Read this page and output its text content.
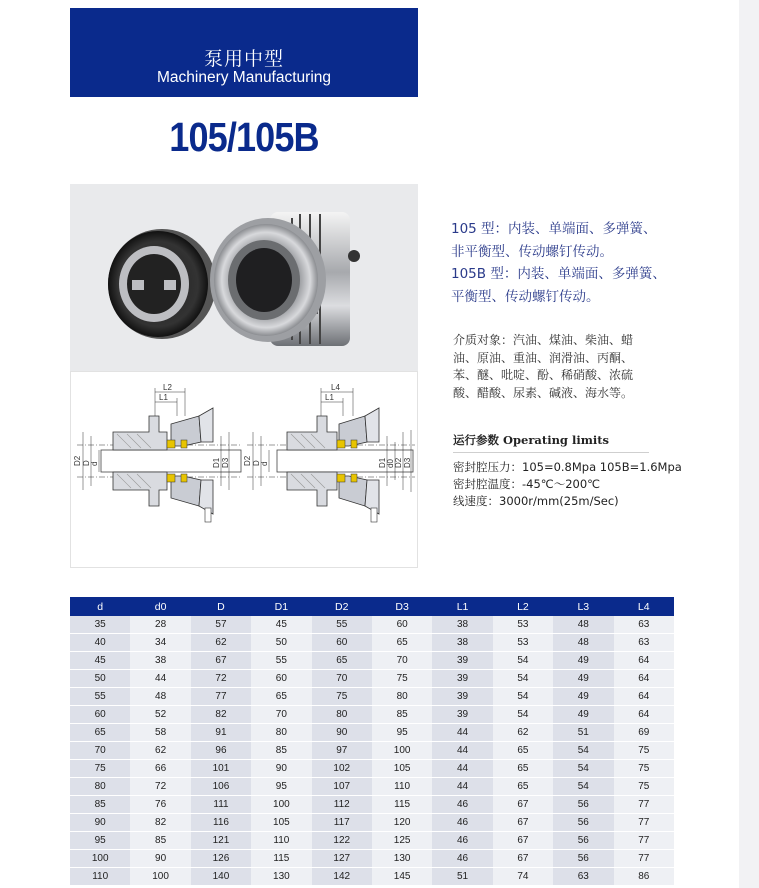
泵用中型
Machinery Manufacturing
105/105B
L2
L1
D2 D d	D1 D3
L4
L1
D2 D d	D1 d0 D2 D3
105 型：内装、单端面、多弹簧、
非平衡型、传动螺钉传动。
105B 型：内装、单端面、多弹簧、
平衡型、传动螺钉传动。
介质对象：汽油、煤油、柴油、蜡
油、原油、重油、润滑油、丙酮、
苯、醚、吡啶、酚、稀硝酸、浓硫
酸、醋酸、尿素、碱液、海水等。
运行参数 Operating limits
密封腔压力：105=0.8Mpa 105B=1.6Mpa
密封腔温度：-45℃～200℃
线速度：3000r/mm(25m/Sec)
d	d0	D	D1	D2	D3	L1	L2	L3	L4
35	28	57	45	55	60	38	53	48	63
40	34	62	50	60	65	38	53	48	63
45	38	67	55	65	70	39	54	49	64
50	44	72	60	70	75	39	54	49	64
55	48	77	65	75	80	39	54	49	64
60	52	82	70	80	85	39	54	49	64
65	58	91	80	90	95	44	62	51	69
70	62	96	85	97	100	44	65	54	75
75	66	101	90	102	105	44	65	54	75
80	72	106	95	107	110	44	65	54	75
85	76	111	100	112	115	46	67	56	77
90	82	116	105	117	120	46	67	56	77
95	85	121	110	122	125	46	67	56	77
100	90	126	115	127	130	46	67	56	77
110	100	140	130	142	145	51	74	63	86
